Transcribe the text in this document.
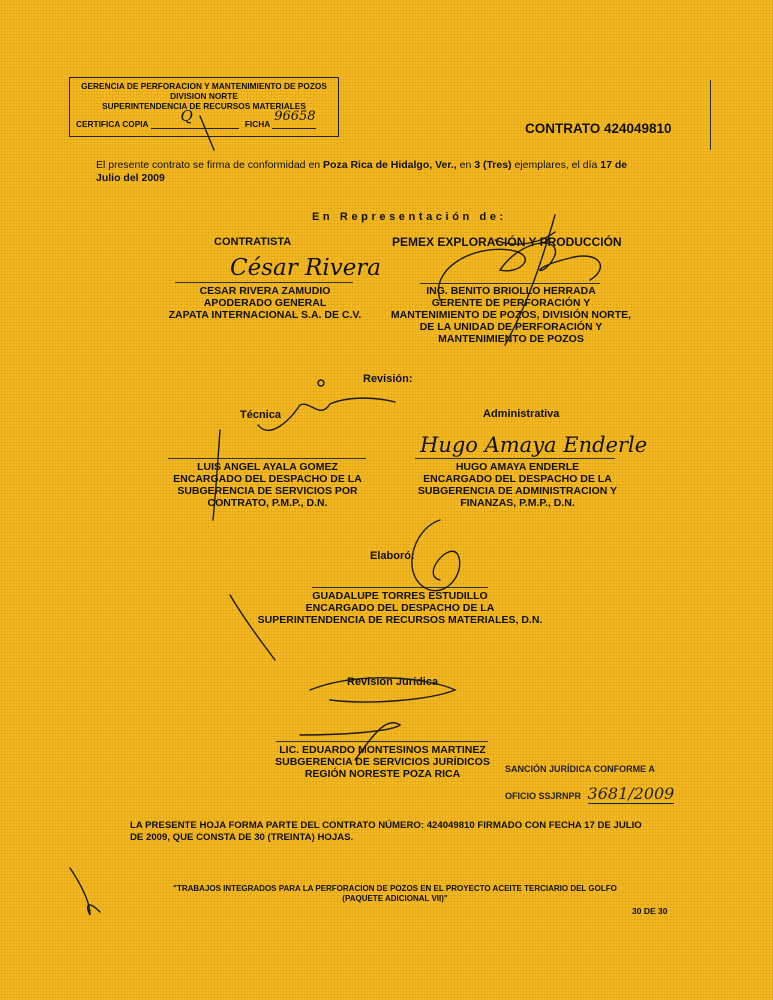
GERENCIA DE PERFORACION Y MANTENIMIENTO DE POZOS
DIVISION NORTE
SUPERINTENDENCIA DE RECURSOS MATERIALES
CERTIFICA COPIA Q	FICHA 96658
CONTRATO 424049810
El presente contrato se firma de conformidad en Poza Rica de Hidalgo, Ver., en 3 (Tres) ejemplares, el día 17 de
Julio del 2009
En Representación de:
CONTRATISTA
César Rivera
CESAR RIVERA ZAMUDIO
APODERADO GENERAL
ZAPATA INTERNACIONAL S.A. DE C.V.
PEMEX EXPLORACIÓN Y PRODUCCIÓN
ING. BENITO BRIOLLO HERRADA
GERENTE DE PERFORACIÓN Y
MANTENIMIENTO DE POZOS, DIVISIÓN NORTE,
DE LA UNIDAD DE PERFORACIÓN Y
MANTENIMIENTO DE POZOS
Revisión:
Técnica	Administrativa
LUIS ANGEL AYALA GOMEZ
ENCARGADO DEL DESPACHO DE LA
SUBGERENCIA DE SERVICIOS POR
CONTRATO, P.M.P., D.N.
Hugo Amaya Enderle
HUGO AMAYA ENDERLE
ENCARGADO DEL DESPACHO DE LA
SUBGERENCIA DE ADMINISTRACION Y
FINANZAS, P.M.P., D.N.
Elaboró:
GUADALUPE TORRES ESTUDILLO
ENCARGADO DEL DESPACHO DE LA
SUPERINTENDENCIA DE RECURSOS MATERIALES, D.N.
Revisión Jurídica
LIC. EDUARDO MONTESINOS MARTINEZ
SUBGERENCIA DE SERVICIOS JURÍDICOS
REGIÓN NORESTE POZA RICA	SANCIÓN JURÍDICA CONFORME A
OFICIO SSJRNPR 3681/2009
LA PRESENTE HOJA FORMA PARTE DEL CONTRATO NÚMERO: 424049810 FIRMADO CON FECHA 17 DE JULIO
DE 2009, QUE CONSTA DE 30 (TREINTA) HOJAS.
"TRABAJOS INTEGRADOS PARA LA PERFORACION DE POZOS EN EL PROYECTO ACEITE TERCIARIO DEL GOLFO
(PAQUETE ADICIONAL VII)"
30 DE 30
